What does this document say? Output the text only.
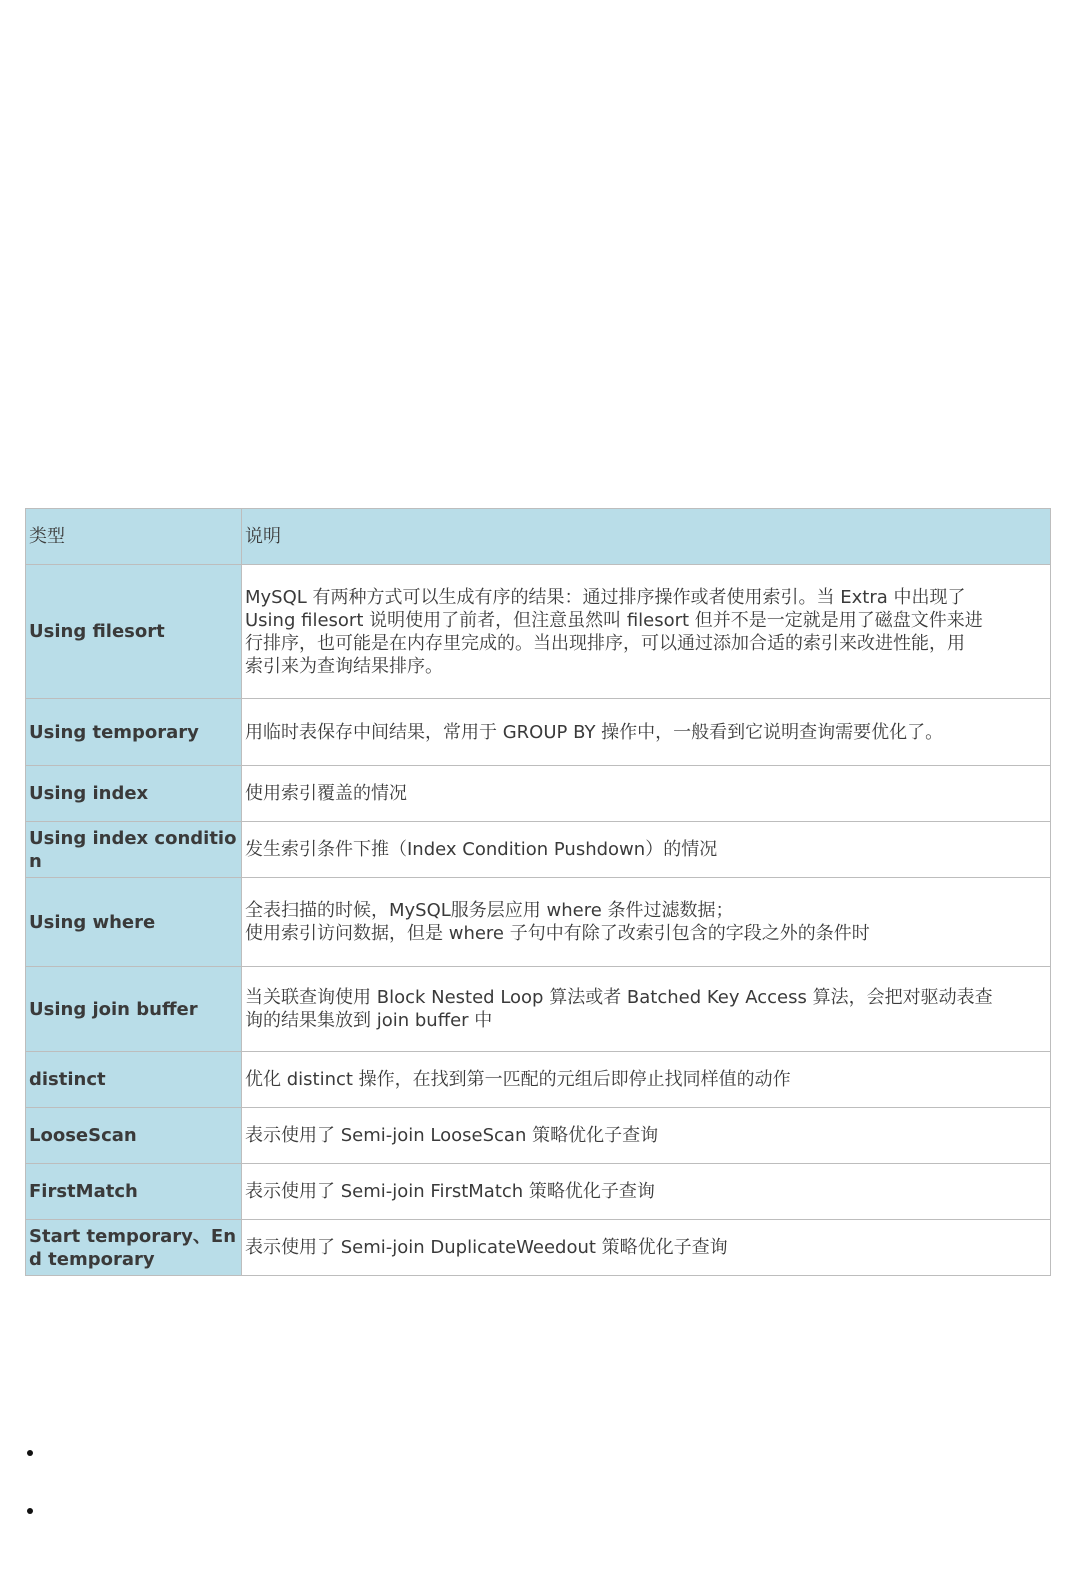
类型	说明
Using filesort	MySQL 有两种方式可以生成有序的结果：通过排序操作或者使用索引。当 Extra 中出现了
Using filesort 说明使用了前者，但注意虽然叫 filesort 但并不是一定就是用了磁盘文件来进
行排序，也可能是在内存里完成的。当出现排序，可以通过添加合适的索引来改进性能，用
索引来为查询结果排序。

Using temporary	用临时表保存中间结果，常用于 GROUP BY 操作中，一般看到它说明查询需要优化了。

Using index	使用索引覆盖的情况

Using index condition	发生索引条件下推（Index Condition Pushdown）的情况

Using where	全表扫描的时候，MySQL服务层应用 where 条件过滤数据；
使用索引访问数据，但是 where 子句中有除了改索引包含的字段之外的条件时

Using join buffer	当关联查询使用 Block Nested Loop 算法或者 Batched Key Access 算法，会把对驱动表查
询的结果集放到 join buffer 中

distinct	优化 distinct 操作，在找到第一匹配的元组后即停止找同样值的动作

LooseScan	表示使用了 Semi-join LooseScan 策略优化子查询

FirstMatch	表示使用了 Semi-join FirstMatch 策略优化子查询

Start temporary、End temporary	表示使用了 Semi-join DuplicateWeedout 策略优化子查询
